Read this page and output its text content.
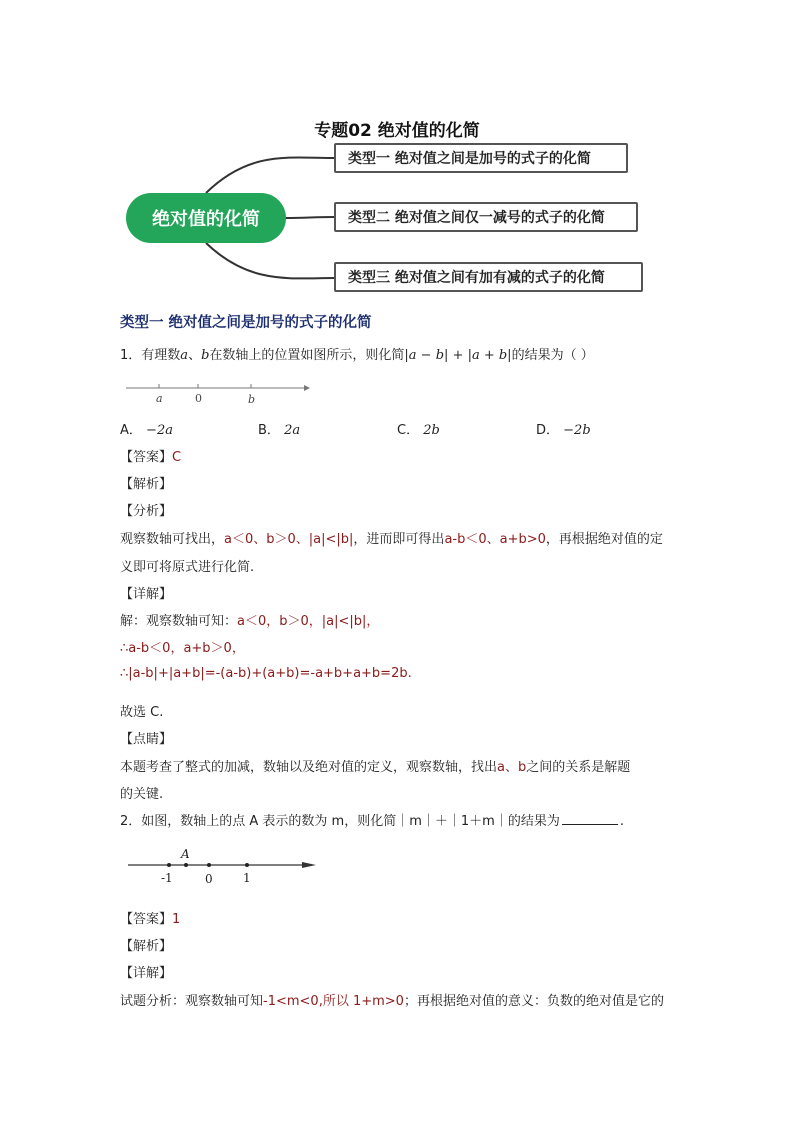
专题02 绝对值的化简
绝对值的化简
类型一 绝对值之间是加号的式子的化简
类型二 绝对值之间仅一减号的式子的化简
类型三 绝对值之间有加有减的式子的化简
类型一 绝对值之间是加号的式子的化简
1．有理数a、b在数轴上的位置如图所示，则化简|a − b| + |a + b|的结果为（ ）
a	0	b
A． −2a	B． 2a	C． 2b	D． −2b
【答案】C
【解析】
【分析】
观察数轴可找出，a＜0、b＞0、|a|<|b|，进而即可得出a-b＜0、a+b>0，再根据绝对值的定
义即可将原式进行化简.
【详解】
解：观察数轴可知：a＜0，b＞0，|a|<|b|，
∴a-b＜0，a+b＞0，
∴|a-b|+|a+b|=-(a-b)+(a+b)=-a+b+a+b=2b.
故选 C.
【点睛】
本题考查了整式的加减，数轴以及绝对值的定义，观察数轴，找出a、b之间的关系是解题
的关键.
2．如图，数轴上的点 A 表示的数为 m，则化简｜m｜＋｜1＋m｜的结果为	.
A
-1	0	1
【答案】1
【解析】
【详解】
试题分析：观察数轴可知-1<m<0,所以 1+m>0；再根据绝对值的意义：负数的绝对值是它的
